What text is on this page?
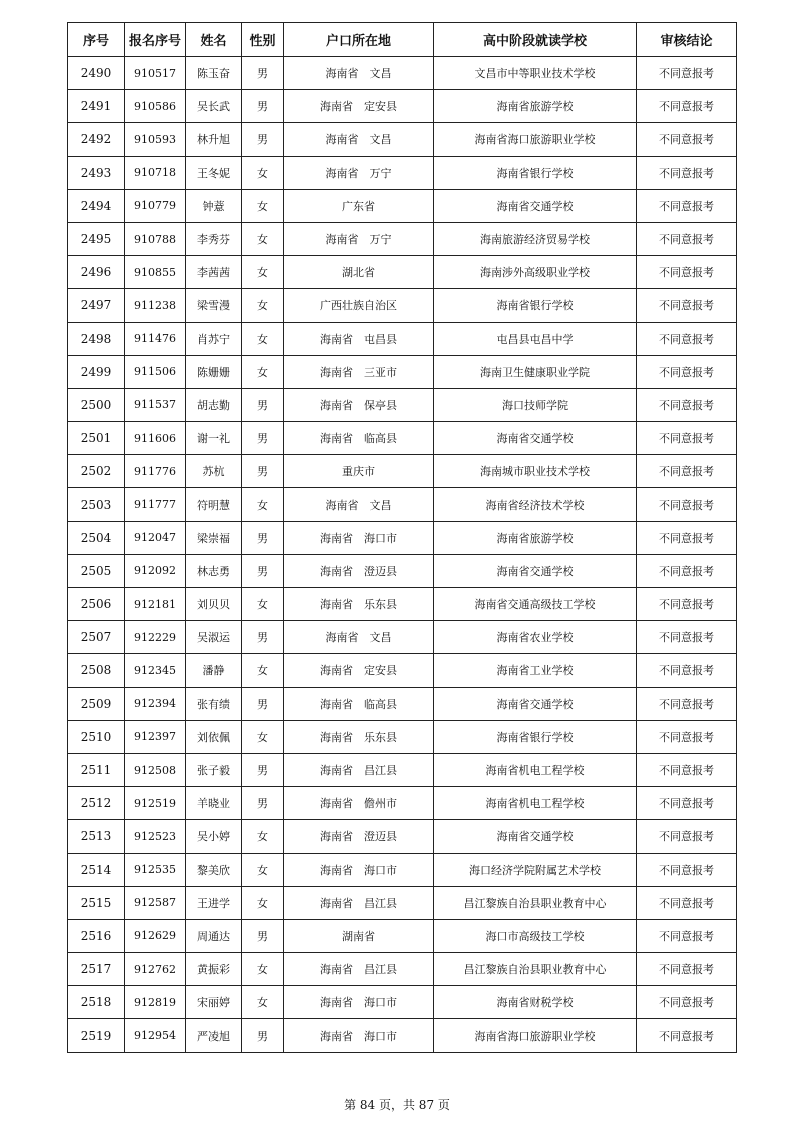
序号	报名序号	姓名	性别	户口所在地	高中阶段就读学校	审核结论
2490	910517	陈玉奋	男	海南省　文昌	文昌市中等职业技术学校	不同意报考
2491	910586	吴长武	男	海南省　定安县	海南省旅游学校	不同意报考
2492	910593	林升旭	男	海南省　文昌	海南省海口旅游职业学校	不同意报考
2493	910718	王冬妮	女	海南省　万宁	海南省银行学校	不同意报考
2494	910779	钟薏	女	广东省	海南省交通学校	不同意报考
2495	910788	李秀芬	女	海南省　万宁	海南旅游经济贸易学校	不同意报考
2496	910855	李茜茜	女	湖北省	海南涉外高级职业学校	不同意报考
2497	911238	梁雪漫	女	广西壮族自治区	海南省银行学校	不同意报考
2498	911476	肖苏宁	女	海南省　屯昌县	屯昌县屯昌中学	不同意报考
2499	911506	陈姗姗	女	海南省　三亚市	海南卫生健康职业学院	不同意报考
2500	911537	胡志勤	男	海南省　保亭县	海口技师学院	不同意报考
2501	911606	谢一礼	男	海南省　临高县	海南省交通学校	不同意报考
2502	911776	苏杭	男	重庆市	海南城市职业技术学校	不同意报考
2503	911777	符明慧	女	海南省　文昌	海南省经济技术学校	不同意报考
2504	912047	梁崇福	男	海南省　海口市	海南省旅游学校	不同意报考
2505	912092	林志勇	男	海南省　澄迈县	海南省交通学校	不同意报考
2506	912181	刘贝贝	女	海南省　乐东县	海南省交通高级技工学校	不同意报考
2507	912229	吴淑运	男	海南省　文昌	海南省农业学校	不同意报考
2508	912345	潘静	女	海南省　定安县	海南省工业学校	不同意报考
2509	912394	张有绩	男	海南省　临高县	海南省交通学校	不同意报考
2510	912397	刘依佩	女	海南省　乐东县	海南省银行学校	不同意报考
2511	912508	张子毅	男	海南省　昌江县	海南省机电工程学校	不同意报考
2512	912519	羊晓业	男	海南省　儋州市	海南省机电工程学校	不同意报考
2513	912523	吴小婷	女	海南省　澄迈县	海南省交通学校	不同意报考
2514	912535	黎美欣	女	海南省　海口市	海口经济学院附属艺术学校	不同意报考
2515	912587	王进学	女	海南省　昌江县	昌江黎族自治县职业教育中心	不同意报考
2516	912629	周通达	男	湖南省	海口市高级技工学校	不同意报考
2517	912762	黄振彩	女	海南省　昌江县	昌江黎族自治县职业教育中心	不同意报考
2518	912819	宋丽婷	女	海南省　海口市	海南省财税学校	不同意报考
2519	912954	严凌旭	男	海南省　海口市	海南省海口旅游职业学校	不同意报考
第 84 页，共 87 页
